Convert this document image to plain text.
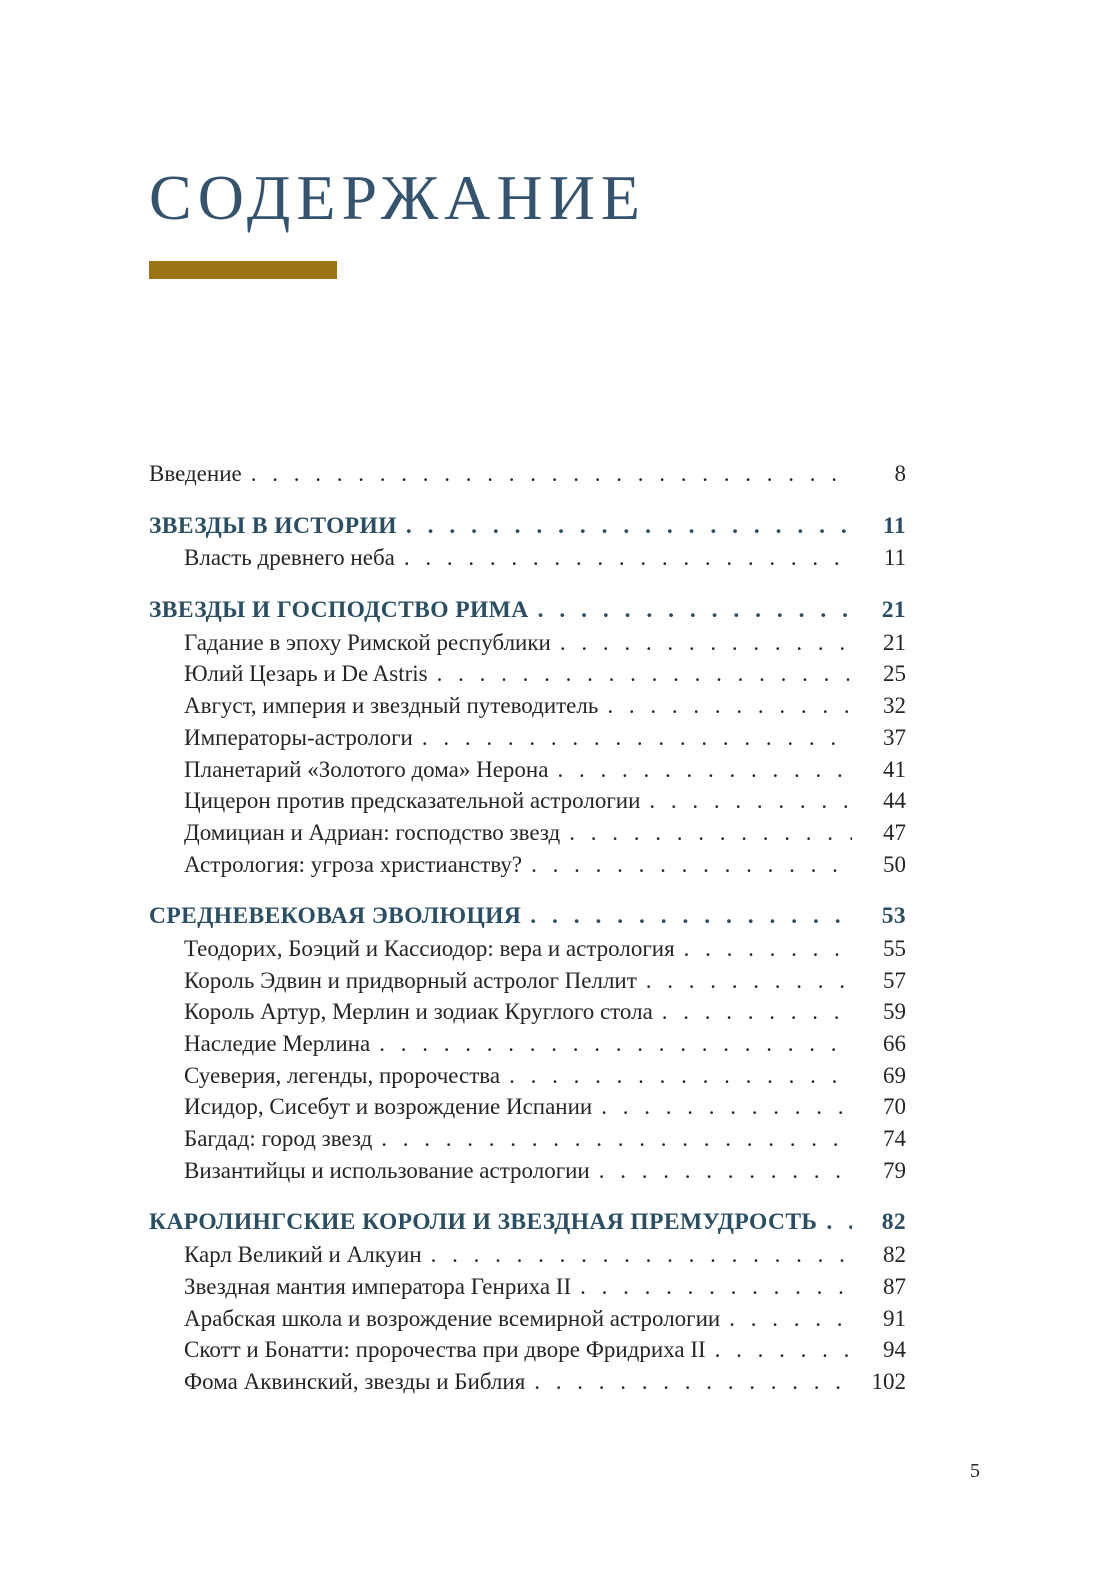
СОДЕРЖАНИЕ
Введение . . .	8
ЗВЕЗДЫ В ИСТОРИИ . . .	11
Власть древнего неба . . .	11
ЗВЕЗДЫ И ГОСПОДСТВО РИМА . . .	21
Гадание в эпоху Римской республики . . .	21
Юлий Цезарь и De Astris . . .	25
Август, империя и звездный путеводитель . . .	32
Императоры-астрологи . . .	37
Планетарий «Золотого дома» Нерона . . .	41
Цицерон против предсказательной астрологии . . .	44
Домициан и Адриан: господство звезд . . .	47
Астрология: угроза христианству? . . .	50
СРЕДНЕВЕКОВАЯ ЭВОЛЮЦИЯ . . .	53
Теодорих, Боэций и Кассиодор: вера и астрология . . .	55
Король Эдвин и придворный астролог Пеллит . . .	57
Король Артур, Мерлин и зодиак Круглого стола . . .	59
Наследие Мерлина . . .	66
Суеверия, легенды, пророчества . . .	69
Исидор, Сисебут и возрождение Испании . . .	70
Багдад: город звезд . . .	74
Византийцы и использование астрологии . . .	79
КАРОЛИНГСКИЕ КОРОЛИ И ЗВЕЗДНАЯ ПРЕМУДРОСТЬ . . .	82
Карл Великий и Алкуин . . .	82
Звездная мантия императора Генриха II . . .	87
Арабская школа и возрождение всемирной астрологии . . .	91
Скотт и Бонатти: пророчества при дворе Фридриха II . . .	94
Фома Аквинский, звезды и Библия . . .	102
5
